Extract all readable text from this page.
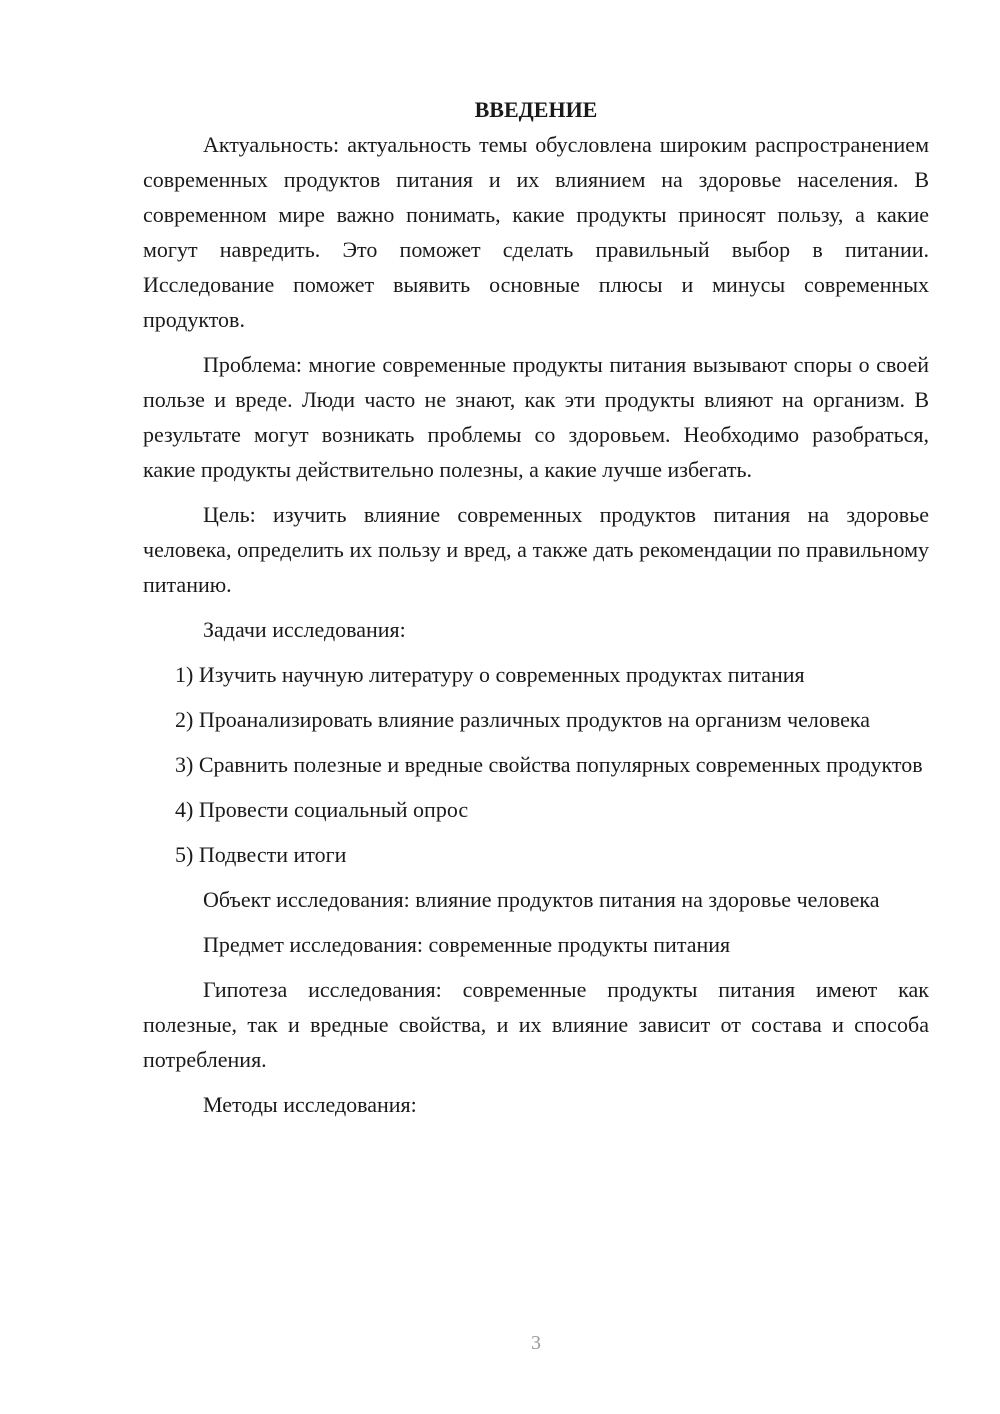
ВВЕДЕНИЕ

Актуальность: актуальность темы обусловлена широким распространением современных продуктов питания и их влиянием на здоровье населения. В современном мире важно понимать, какие продукты приносят пользу, а какие могут навредить. Это поможет сделать правильный выбор в питании. Исследование поможет выявить основные плюсы и минусы современных продуктов.

Проблема: многие современные продукты питания вызывают споры о своей пользе и вреде. Люди часто не знают, как эти продукты влияют на организм. В результате могут возникать проблемы со здоровьем. Необходимо разобраться, какие продукты действительно полезны, а какие лучше избегать.

Цель: изучить влияние современных продуктов питания на здоровье человека, определить их пользу и вред, а также дать рекомендации по правильному питанию.

Задачи исследования:

1) Изучить научную литературу о современных продуктах питания

2) Проанализировать влияние различных продуктов на организм человека

3) Сравнить полезные и вредные свойства популярных современных продуктов

4) Провести социальный опрос

5) Подвести итоги

Объект исследования: влияние продуктов питания на здоровье человека

Предмет исследования: современные продукты питания

Гипотеза исследования: современные продукты питания имеют как полезные, так и вредные свойства, и их влияние зависит от состава и способа потребления.

Методы исследования:

3
